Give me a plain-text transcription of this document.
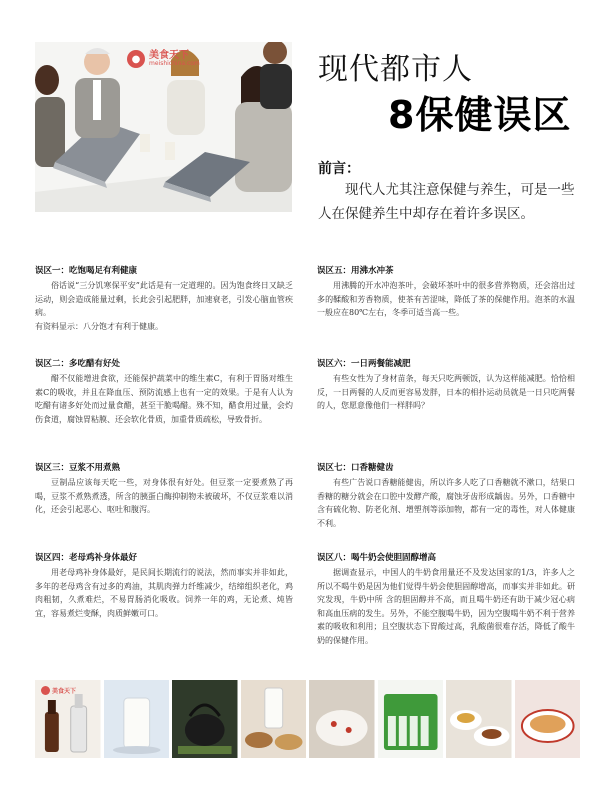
● 美食天下
meishichina.com	现代都市人
8保健误区
前言：
现代人尤其注意保健与养生，可是一些人在保健养生中却存在着许多误区。
误区一：吃饱喝足有利健康

俗话说“三分饥寒保平安”此话是有一定道理的。因为饱食终日又缺乏运动，则会造成能量过剩，长此会引起肥胖，加速衰老，引发心脑血管疾病。

有资料显示：八分饱才有利于健康。

误区二：多吃醋有好处

醋不仅能增进食欲，还能保护蔬菜中的维生素C，有利于胃肠对维生素C的吸收，并且在降血压、预防流感上也有一定的效果。于是有人认为吃醋有诸多好处而过量食醋，甚至干脆喝醋。殊不知，醋食用过量，会灼伤食道，腐蚀胃粘膜、还会软化骨质，加重骨质疏松，导致骨折。

误区三：豆浆不用煮熟

豆制品应该每天吃一些，对身体很有好处。但豆浆一定要煮熟了再喝，豆浆不煮熟煮透，所含的胰蛋白酶抑制物未被破坏，不仅豆浆难以消化，还会引起恶心、呕吐和腹泻。

误区四：老母鸡补身体最好

用老母鸡补身体最好，是民间长期流行的说法，然而事实并非如此，多年的老母鸡含有过多的鸡油，其肌肉弹力纤维减少，结缔组织老化，鸡肉粗韧，久煮难烂，不易胃肠消化吸收。饲养一年的鸡，无论煮、炖皆宜，容易煮烂变酥，肉质鲜嫩可口。

误区五：用沸水冲茶

用沸腾的开水冲泡茶叶，会破坏茶叶中的很多营养物质，还会溶出过多的鞣酸和芳香物质，使茶有苦涩味，降低了茶的保健作用。泡茶的水温一般应在80℃左右，冬季可适当高一些。

误区六：一日两餐能减肥

有些女性为了身材苗条，每天只吃两顿饭，认为这样能减肥。恰恰相反，一日两餐的人反而更容易发胖，日本的相扑运动员就是一日只吃两餐的人，您愿意像他们一样胖吗？

误区七：口香糖健齿

有些广告说口香糖能健齿，所以许多人吃了口香糖就不漱口，结果口香糖的糖分就会在口腔中发酵产酸，腐蚀牙齿形成龋齿。另外，口香糖中含有硫化物、防老化剂、增塑剂等添加物，都有一定的毒性，对人体健康不利。

误区八：喝牛奶会使胆固醇增高

据调查显示，中国人的牛奶食用量还不及发达国家的1/3，许多人之所以不喝牛奶是因为他们觉得牛奶会使胆固醇增高，而事实并非如此。研究发现，牛奶中所 含的胆固醇并不高，而且喝牛奶还有助于减少冠心病和高血压病的发生。另外，不能空腹喝牛奶，因为空腹喝牛奶不利于营养素的吸收和利用；且空腹状态下胃酸过高，乳酸菌很难存活，降低了酸牛奶的保健作用。

美食天下
